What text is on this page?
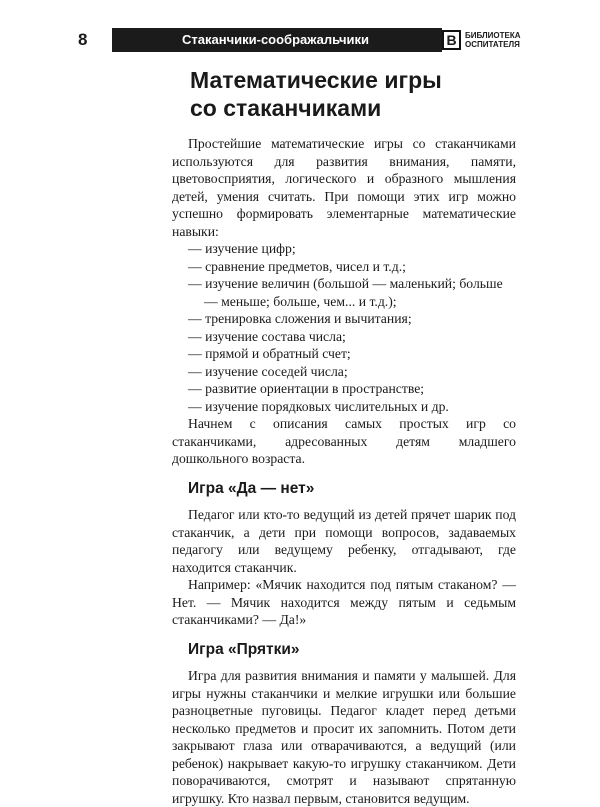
8	Стаканчики-соображальчики	В	БИБЛИОТЕКА
ОСПИТАТЕЛЯ
Математические игры
со стаканчиками

Простейшие математические игры со стаканчиками используются для развития внимания, памяти, цветовосприятия, логического и образного мышления детей, умения считать. При помощи этих игр можно успешно формировать элементарные математические навыки:

— изучение цифр;
— сравнение предметов, чисел и т.д.;
— изучение величин (большой — маленький; больше — меньше; больше, чем... и т.д.);
— тренировка сложения и вычитания;
— изучение состава числа;
— прямой и обратный счет;
— изучение соседей числа;
— развитие ориентации в пространстве;
— изучение порядковых числительных и др.

Начнем с описания самых простых игр со стаканчиками, адресованных детям младшего дошкольного возраста.

Игра «Да — нет»

Педагог или кто-то ведущий из детей прячет шарик под стаканчик, а дети при помощи вопросов, задаваемых педагогу или ведущему ребенку, отгадывают, где находится стаканчик.

Например: «Мячик находится под пятым стаканом? — Нет. — Мячик находится между пятым и седьмым стаканчиками? — Да!»

Игра «Прятки»

Игра для развития внимания и памяти у малышей. Для игры нужны стаканчики и мелкие игрушки или большие разноцветные пуговицы. Педагог кладет перед детьми несколько предметов и просит их запомнить. Потом дети закрывают глаза или отварачиваются, а ведущий (или ребенок) накрывает какую-то игрушку стаканчиком. Дети поворачиваются, смотрят и называют спрятанную игрушку. Кто назвал первым, становится ведущим.
